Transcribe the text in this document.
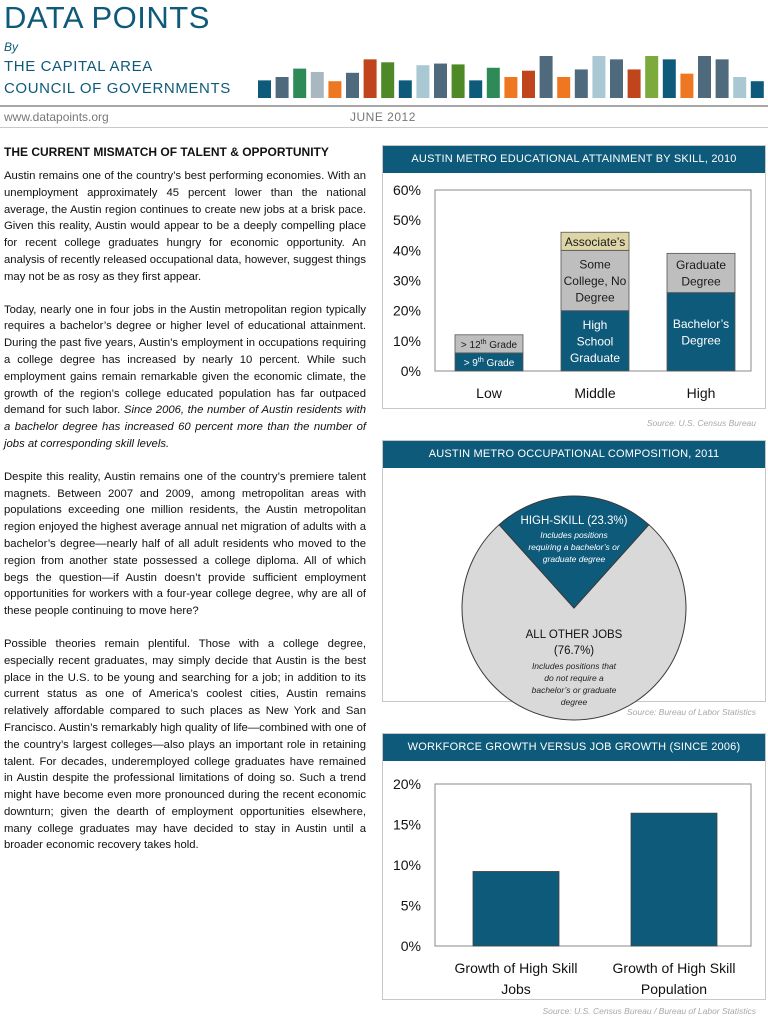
DATA POINTS
By
THE CAPITAL AREA
COUNCIL OF GOVERNMENTS
www.datapoints.org	JUNE 2012
THE CURRENT MISMATCH OF TALENT & OPPORTUNITY

Austin remains one of the country’s best performing economies. With an unemployment approximately 45 percent lower than the national average, the Austin region continues to create new jobs at a brisk pace. Given this reality, Austin would appear to be a deeply compelling place for recent college graduates hungry for economic opportunity. An analysis of recently released occupational data, however, suggest things may not be as rosy as they first appear.

Today, nearly one in four jobs in the Austin metropolitan region typically requires a bachelor’s degree or higher level of educational attainment. During the past five years, Austin’s employment in occupations requiring a college degree has increased by nearly 10 percent. While such employment gains remain remarkable given the economic climate, the growth of the region’s college educated population has far outpaced demand for such labor. Since 2006, the number of Austin residents with a bachelor degree has increased 60 percent more than the number of jobs at corresponding skill levels.

Despite this reality, Austin remains one of the country’s premiere talent magnets. Between 2007 and 2009, among metropolitan areas with populations exceeding one million residents, the Austin metropolitan region enjoyed the highest average annual net migration of adults with a bachelor’s degree—nearly half of all adult residents who moved to the region from another state possessed a college diploma. All of which begs the question—if Austin doesn’t provide sufficient employment opportunities for workers with a four-year college degree, why are all of these people continuing to move here?

Possible theories remain plentiful. Those with a college degree, especially recent graduates, may simply decide that Austin is the best place in the U.S. to be young and searching for a job; in addition to its current status as one of America’s coolest cities, Austin remains relatively affordable compared to such places as New York and San Francisco. Austin’s remarkably high quality of life—combined with one of the country’s largest colleges—also plays an important role in retaining talent. For decades, underemployed college graduates have remained in Austin despite the professional limitations of doing so. Such a trend might have become even more pronounced during the recent economic downturn; given the dearth of employment opportunities elsewhere, many college graduates may have decided to stay in Austin until a broader economic recovery takes hold.

AUSTIN METRO EDUCATIONAL ATTAINMENT BY SKILL, 2010
0%
10%
20%
30%
40%
50%
60%
Low	Middle	High
> 9th Grade
> 12th Grade
High
School
Graduate
Some
College, No
Degree
Associate’s
Bachelor’s
Degree
Graduate
Degree
Source: U.S. Census Bureau
AUSTIN METRO OCCUPATIONAL COMPOSITION, 2011
HIGH-SKILL (23.3%)
Includes positions
requiring a bachelor’s or
graduate degree
ALL OTHER JOBS
(76.7%)
Includes positions that
do not require a
bachelor’s or graduate
degree
Source: Bureau of Labor Statistics
WORKFORCE GROWTH VERSUS JOB GROWTH (SINCE 2006)
0%
5%
10%
15%
20%
Growth of High Skill
Jobs
Growth of High Skill
Population
Source: U.S. Census Bureau / Bureau of Labor Statistics
